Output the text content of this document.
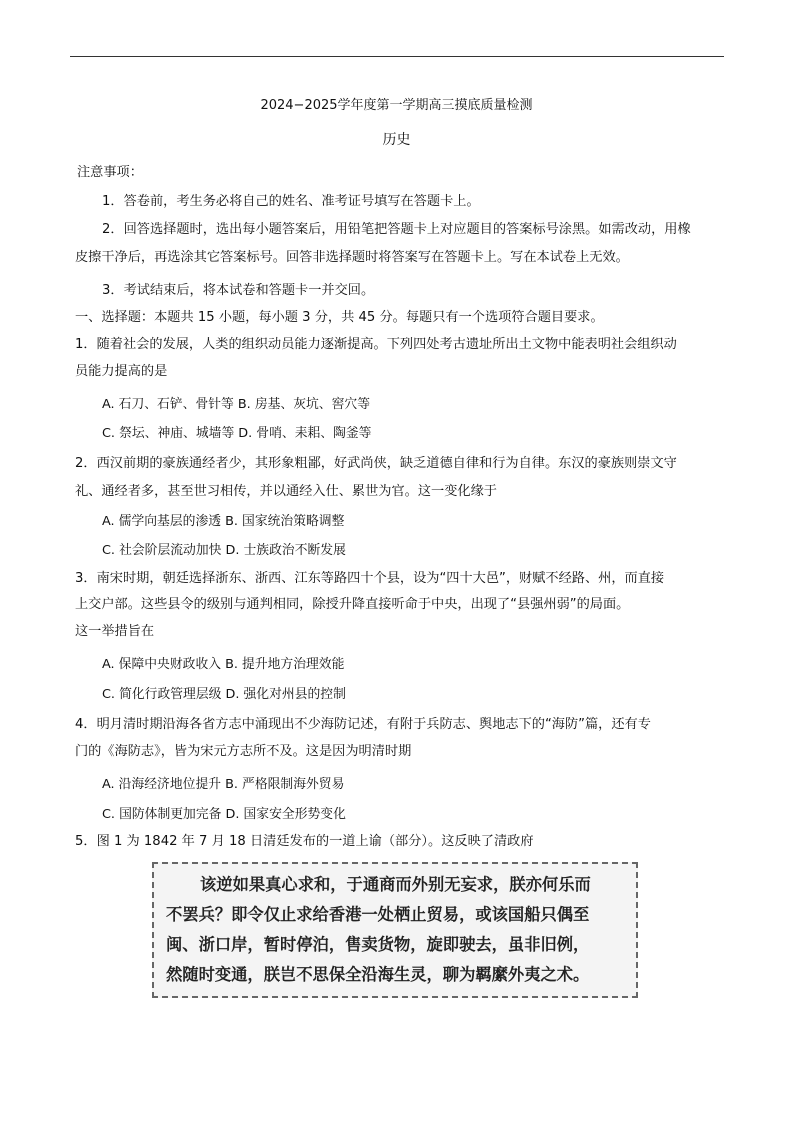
2024−2025学年度第一学期高三摸底质量检测
历史
注意事项：
1．答卷前，考生务必将自己的姓名、准考证号填写在答题卡上。
2．回答选择题时，选出每小题答案后，用铅笔把答题卡上对应题目的答案标号涂黑。如需改动，用橡
皮擦干净后，再选涂其它答案标号。回答非选择题时将答案写在答题卡上。写在本试卷上无效。
3．考试结束后，将本试卷和答题卡一并交回。
一、选择题：本题共 15 小题，每小题 3 分，共 45 分。每题只有一个选项符合题目要求。
1．随着社会的发展，人类的组织动员能力逐渐提高。下列四处考古遗址所出土文物中能表明社会组织动
员能力提高的是
A. 石刀、石铲、骨针等 B. 房基、灰坑、窖穴等
C. 祭坛、神庙、城墙等 D. 骨哨、耒耜、陶釜等
2．西汉前期的豪族通经者少，其形象粗鄙，好武尚侠，缺乏道德自律和行为自律。东汉的豪族则崇文守
礼、通经者多，甚至世习相传，并以通经入仕、累世为官。这一变化缘于
A. 儒学向基层的渗透 B. 国家统治策略调整
C. 社会阶层流动加快 D. 士族政治不断发展
3．南宋时期，朝廷选择浙东、浙西、江东等路四十个县，设为“四十大邑”，财赋不经路、州，而直接
上交户部。这些县令的级别与通判相同，除授升降直接听命于中央，出现了“县强州弱”的局面。
这一举措旨在
A. 保障中央财政收入 B. 提升地方治理效能
C. 简化行政管理层级 D. 强化对州县的控制
4．明月清时期沿海各省方志中涌现出不少海防记述，有附于兵防志、舆地志下的“海防”篇，还有专
门的《海防志》，皆为宋元方志所不及。这是因为明清时期
A. 沿海经济地位提升 B. 严格限制海外贸易
C. 国防体制更加完备 D. 国家安全形势变化
5．图 1 为 1842 年 7 月 18 日清廷发布的一道上谕（部分）。这反映了清政府
该逆如果真心求和，于通商而外别无妄求，朕亦何乐而
不罢兵？即令仅止求给香港一处栖止贸易，或该国船只偶至
闽、浙口岸，暂时停泊，售卖货物，旋即驶去，虽非旧例，
然随时变通，朕岂不思保全沿海生灵，聊为羁縻外夷之术。
